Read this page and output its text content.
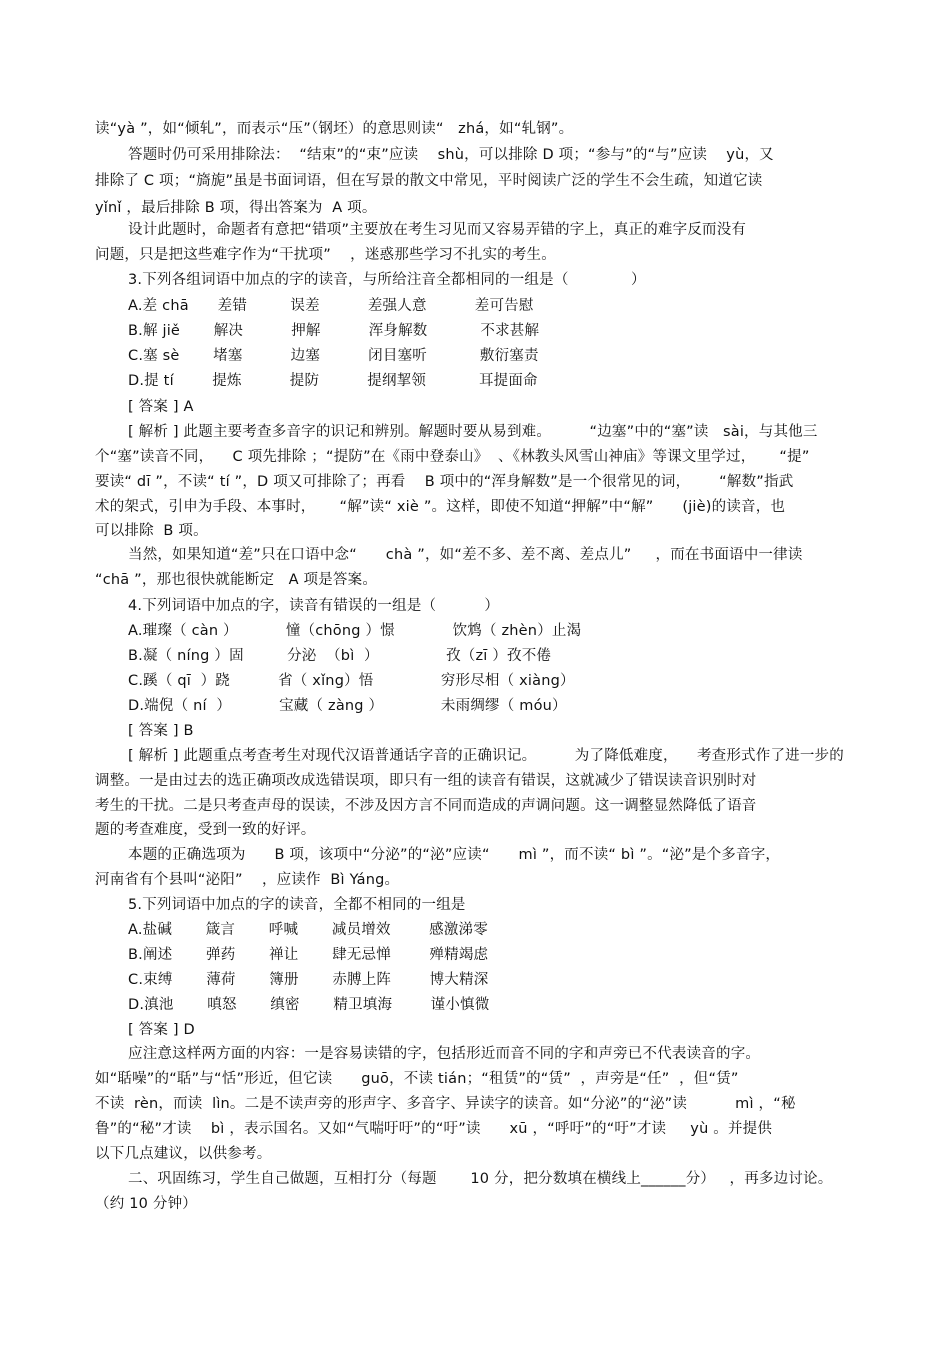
读“yà ”，如“倾轧”，而表示“压”（钢坯）的意思则读“   zhá，如“轧钢”。
答题时仍可采用排除法：  “结束”的“束”应读    shù，可以排除 D 项；“参与”的“与”应读    yù，又
排除了 C 项；“旖旎”虽是书面词语，但在写景的散文中常见，平时阅读广泛的学生不会生疏，知道它读
yǐnǐ ，最后排除 B 项，得出答案为  A 项。
设计此题时，命题者有意把“错项”主要放在考生习见而又容易弄错的字上，真正的难字反而没有
问题，只是把这些难字作为“干扰项”    ，迷惑那些学习不扎实的考生。
3.下列各组词语中加点的字的读音，与所给注音全都相同的一组是（             ）
A.差 chā      差错         误差          差强人意          差可告慰
B.解 jiě       解决          押解          浑身解数           不求甚解
C.塞 sè       堵塞          边塞          闭目塞听           敷衍塞责
D.提 tí        提炼          提防          提纲挈领           耳提面命
[ 答案 ] A
[ 解析 ] 此题主要考查多音字的识记和辨别。解题时要从易到难。        “边塞”中的“塞”读   sài，与其他三
个“塞”读音不同，    C 项先排除 ；“提防”在《雨中登泰山》  、《林教头风雪山神庙》等课文里学过，     “提”
要读“ dī ”，不读“ tí ”，D 项又可排除了；再看    B 项中的“浑身解数”是一个很常见的词，      “解数”指武
术的架式，引申为手段、本事时，     “解”读“ xiè ”。这样，即使不知道“押解”中“解”      (jiè)的读音，也
可以排除  B 项。
当然，如果知道“差”只在口语中念“      chà ”，如“差不多、差不离、差点儿”     ，而在书面语中一律读
“chā ”，那也很快就能断定   A 项是答案。
4.下列词语中加点的字，读音有错误的一组是（          ）
A.璀璨（ càn ）          憧（chōng ）憬            饮鸩（ zhèn）止渴
B.凝（ níng ）固         分泌  （bì  ）              孜（zī ）孜不倦
C.蹊（ qī  ）跷          省（ xǐng）悟              穷形尽相（ xiàng）
D.端倪（ ní  ）          宝藏（ zàng ）            未雨绸缪（ móu）
[ 答案 ] B
[ 解析 ] 此题重点考查考生对现代汉语普通话字音的正确识记。        为了降低难度，    考查形式作了进一步的
调整。一是由过去的选正确项改成选错误项，即只有一组的读音有错误，这就减少了错误读音识别时对
考生的干扰。二是只考查声母的误读，不涉及因方言不同而造成的声调问题。这一调整显然降低了语音
题的考查难度，受到一致的好评。
本题的正确选项为      B 项，该项中“分泌”的“泌”应读“      mì ”，而不读“ bì ”。“泌”是个多音字，
河南省有个县叫“泌阳”    ，应读作  Bì Yáng。
5.下列词语中加点的字的读音，全都不相同的一组是
A.盐碱       箴言       呼喊       减员增效        感激涕零
B.阐述       弹药       禅让       肆无忌惮        殚精竭虑
C.束缚       薄荷       簿册       赤膊上阵        博大精深
D.滇池       嗔怒       缜密       精卫填海        谨小慎微
[ 答案 ] D
应注意这样两方面的内容：一是容易读错的字，包括形近而音不同的字和声旁已不代表读音的字。
如“聒噪”的“聒”与“恬”形近，但它读      guō，不读 tián；“租赁”的“赁”  ，声旁是“任”  ，但“赁”
不读  rèn，而读  lìn。二是不读声旁的形声字、多音字、异读字的读音。如“分泌”的“泌”读          mì ，“秘
鲁”的“秘”才读    bì ，表示国名。又如“气喘吁吁”的“吁”读      xū ，“呼吁”的“吁”才读     yù 。并提供
以下几点建议，以供参考。
二、巩固练习，学生自己做题，互相打分（每题       10 分，把分数填在横线上______分）   ，再多边讨论。
（约 10 分钟）
